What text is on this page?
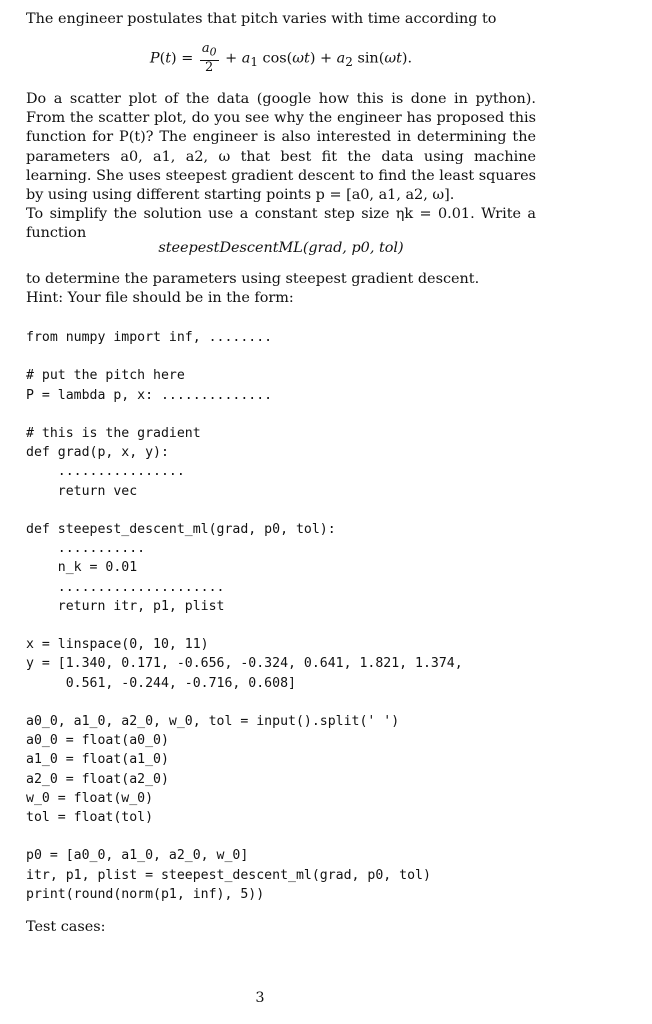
The engineer postulates that pitch varies with time according to

$P(t) = \frac{a_0}{2} + a_1$ $\cos(\omega t) + a_2$ sin(ωt).

Do a scatter plot of the data (google how this is done in python). From the scatter plot, do you see why the engineer has proposed this function for P(t)? The engineer is also interested in determining the parameters a0, a1, a2, ω that best fit the data using machine learning. She uses steepest gradient descent to find the least squares by using using different starting points p = [a0, a1, a2, ω].

To simplify the solution use a constant step size ηk = 0.01. Write a function

steepestDescentML(grad, p0, tol)

to determine the parameters using steepest gradient descent.

Hint: Your file should be in the form:

from numpy import inf, ........

# put the pitch here
P = lambda p, x: ..............

# this is the gradient
def grad(p, x, y):
................
return vec

def steepest_descent_ml(grad, p0, tol):
...........
n_k = 0.01
.....................
return itr, p1, plist

x = linspace(0, 10, 11)
y = [1.340, 0.171, -0.656, -0.324, 0.641, 1.821, 1.374,
0.561, -0.244, -0.716, 0.608]

a0_0, a1_0, a2_0, w_0, tol = input().split(' ')
a0_0 = float(a0_0)
a1_0 = float(a1_0)
a2_0 = float(a2_0)
w_0 = float(w_0)
tol = float(tol)

p0 = [a0_0, a1_0, a2_0, w_0]
itr, p1, plist = steepest_descent_ml(grad, p0, tol)
print(round(norm(p1, inf), 5))

Test cases:

3
